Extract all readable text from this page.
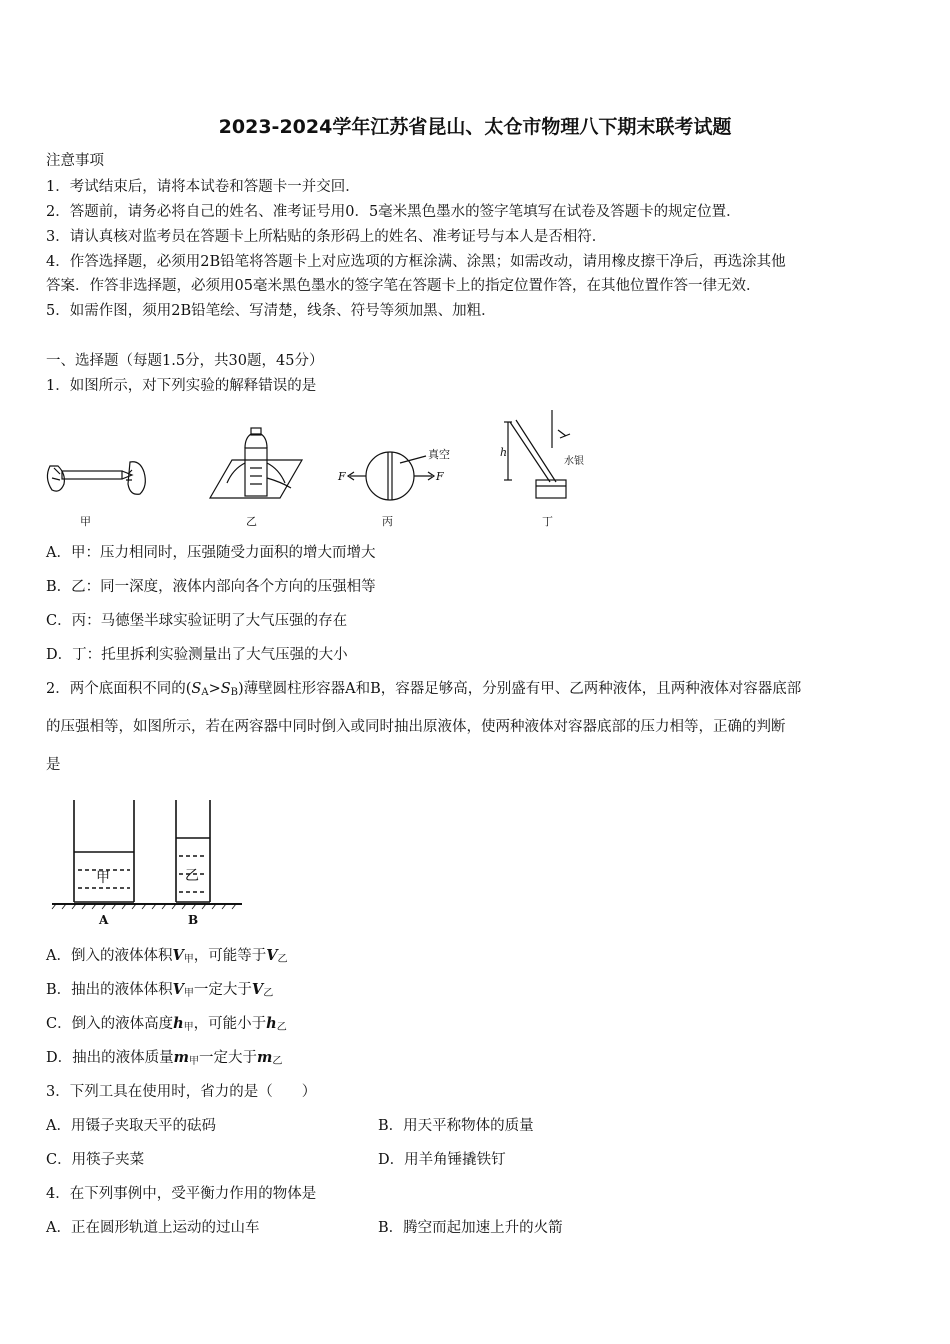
2023-2024学年江苏省昆山、太仓市物理八下期末联考试题
注意事项
1．考试结束后，请将本试卷和答题卡一并交回．
2．答题前，请务必将自己的姓名、准考证号用0．5毫米黑色墨水的签字笔填写在试卷及答题卡的规定位置．
3．请认真核对监考员在答题卡上所粘贴的条形码上的姓名、准考证号与本人是否相符．
4．作答选择题，必须用2B铅笔将答题卡上对应选项的方框涂满、涂黑；如需改动，请用橡皮擦干净后，再选涂其他
答案．作答非选择题，必须用05毫米黑色墨水的签字笔在答题卡上的指定位置作答，在其他位置作答一律无效．
5．如需作图，须用2B铅笔绘、写清楚，线条、符号等须加黑、加粗．
一、选择题（每题1.5分，共30题，45分）
1．如图所示，对下列实验的解释错误的是
甲	乙
F	F
真空
丙
h
水银
丁
A．甲：压力相同时，压强随受力面积的增大而增大
B．乙：同一深度，液体内部向各个方向的压强相等
C．丙：马德堡半球实验证明了大气压强的存在
D．丁：托里拆利实验测量出了大气压强的大小
2．两个底面积不同的$(S_A>S_B)$薄壁圆柱形容器A和B，容器足够高，分别盛有甲、乙两种液体，且两种液体对容器底部
的压强相等，如图所示，若在两容器中同时倒入或同时抽出原液体，使两种液体对容器底部的压力相等，正确的判断
是
甲	乙
A	B
A．倒入的液体体积$V_甲$，可能等于$V_乙$
B．抽出的液体体积$V_甲$一定大于$V_乙$
C．倒入的液体高度$h_甲$，可能小于$h_乙$
D．抽出的液体质量$m_甲$一定大于$m_乙$
3．下列工具在使用时，省力的是（　　）
A．用镊子夹取天平的砝码	B．用天平称物体的质量
C．用筷子夹菜	D．用羊角锤撬铁钉
4．在下列事例中，受平衡力作用的物体是
A．正在圆形轨道上运动的过山车	B．腾空而起加速上升的火箭
